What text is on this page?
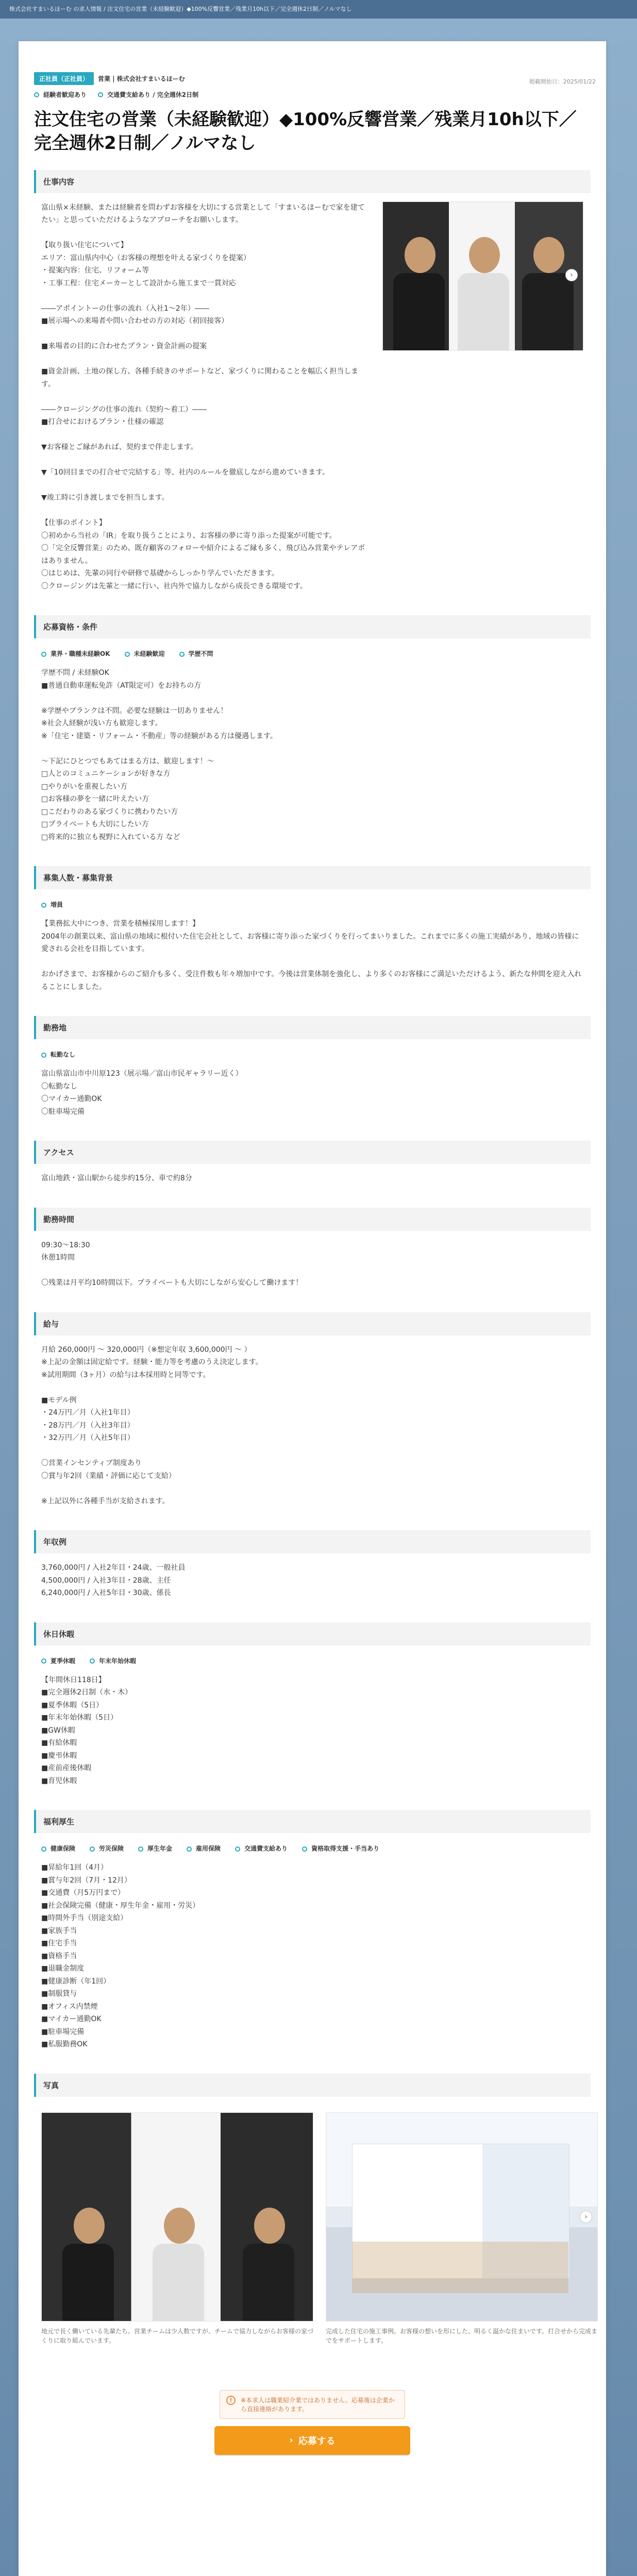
株式会社すまいるほーむ の求人情報 / 注文住宅の営業（未経験歓迎）◆100%反響営業／残業月10h以下／完全週休2日制／ノルマなし
掲載開始日：2025/01/22
正社員（正社員）	営業 | 株式会社すまいるほーむ
経験者歓迎あり	交通費支給あり / 完全週休2日制
注文住宅の営業（未経験歓迎）◆100%反響営業／残業月10h以下／完全週休2日制／ノルマなし
仕事内容
富山県×未経験、または経験者を問わずお客様を大切にする営業として「すまいるほーむで家を建てたい」と思っていただけるようなアプローチをお願いします。

【取り扱い住宅について】
エリア：富山県内中心（お客様の理想を叶える家づくりを提案）
・提案内容：住宅、リフォーム等
・工事工程：住宅メーカーとして設計から施工まで一貫対応

――アポイントーの仕事の流れ（入社1〜2年）――
■展示場への来場者や問い合わせの方の対応（初回接客）

■来場者の目的に合わせたプラン・資金計画の提案

■資金計画、土地の探し方、各種手続きのサポートなど、家づくりに関わることを幅広く担当します。

――クロージングの仕事の流れ（契約〜着工）――
■打合せにおけるプラン・仕様の確認

▼お客様とご縁があれば、契約まで伴走します。

▼「10回目までの打合せで完結する」等、社内のルールを徹底しながら進めていきます。

▼竣工時に引き渡しまでを担当します。

【仕事のポイント】
〇初めから当社の「IR」を取り扱うことにより、お客様の夢に寄り添った提案が可能です。
〇「完全反響営業」のため、既存顧客のフォローや紹介によるご縁も多く、飛び込み営業やテレアポはありません。
〇はじめは、先輩の同行や研修で基礎からしっかり学んでいただきます。
〇クロージングは先輩と一緒に行い、社内外で協力しながら成長できる環境です。
›
応募資格・条件
業界・職種未経験OK	未経験歓迎	学歴不問
学歴不問 / 未経験OK
■普通自動車運転免許（AT限定可）をお持ちの方

※学歴やブランクは不問。必要な経験は一切ありません！
※社会人経験が浅い方も歓迎します。
※「住宅・建築・リフォーム・不動産」等の経験がある方は優遇します。

～下記にひとつでもあてはまる方は、歓迎します！～
□人とのコミュニケーションが好きな方
□やりがいを重視したい方
□お客様の夢を一緒に叶えたい方
□こだわりのある家づくりに携わりたい方
□プライベートも大切にしたい方
□将来的に独立も視野に入れている方 など
募集人数・募集背景
増員
【業務拡大中につき、営業を積極採用します！】
2004年の創業以来、富山県の地域に根付いた住宅会社として、お客様に寄り添った家づくりを行ってまいりました。これまでに多くの施工実績があり、地域の皆様に愛される会社を目指しています。

おかげさまで、お客様からのご紹介も多く、受注件数も年々増加中です。今後は営業体制を強化し、より多くのお客様にご満足いただけるよう、新たな仲間を迎え入れることにしました。
勤務地
転勤なし
富山県富山市中川原123（展示場／富山市民ギャラリー近く）
〇転勤なし
〇マイカー通勤OK
〇駐車場完備
アクセス
富山地鉄・富山駅から徒歩約15分、車で約8分
勤務時間
09:30〜18:30
休憩1時間

〇残業は月平均10時間以下。プライベートも大切にしながら安心して働けます！
給与
月給 260,000円 ～ 320,000円（※想定年収 3,600,000円 ～ ）
※上記の金額は固定給です。経験・能力等を考慮のうえ決定します。
※試用期間（3ヶ月）の給与は本採用時と同等です。

■モデル例
・24万円／月（入社1年目）
・28万円／月（入社3年目）
・32万円／月（入社5年目）

〇営業インセンティブ制度あり
〇賞与年2回（業績・評価に応じて支給）

※上記以外に各種手当が支給されます。
年収例
3,760,000円 / 入社2年目・24歳、一般社員
4,500,000円 / 入社3年目・28歳、主任
6,240,000円 / 入社5年目・30歳、係長
休日休暇
夏季休暇	年末年始休暇
【年間休日118日】
■完全週休2日制（水・木）
■夏季休暇（5日）
■年末年始休暇（5日）
■GW休暇
■有給休暇
■慶弔休暇
■産前産後休暇
■育児休暇
福利厚生
健康保険	労災保険	厚生年金	雇用保険	交通費支給あり	資格取得支援・手当あり
■昇給年1回（4月）
■賞与年2回（7月・12月）
■交通費（月5万円まで）
■社会保険完備（健康・厚生年金・雇用・労災）
■時間外手当（別途支給）
■家族手当
■住宅手当
■資格手当
■退職金制度
■健康診断（年1回）
■制服貸与
■オフィス内禁煙
■マイカー通勤OK
■駐車場完備
■私服勤務OK
写真
地元で長く働いている先輩たち。営業チームは少人数ですが、チームで協力しながらお客様の家づくりに取り組んでいます。
›
完成した住宅の施工事例。お客様の想いを形にした、明るく温かな住まいです。打合せから完成までをサポートします。
!	※本求人は職業紹介業ではありません。応募後は企業から直接連絡があります。
› 応募する
